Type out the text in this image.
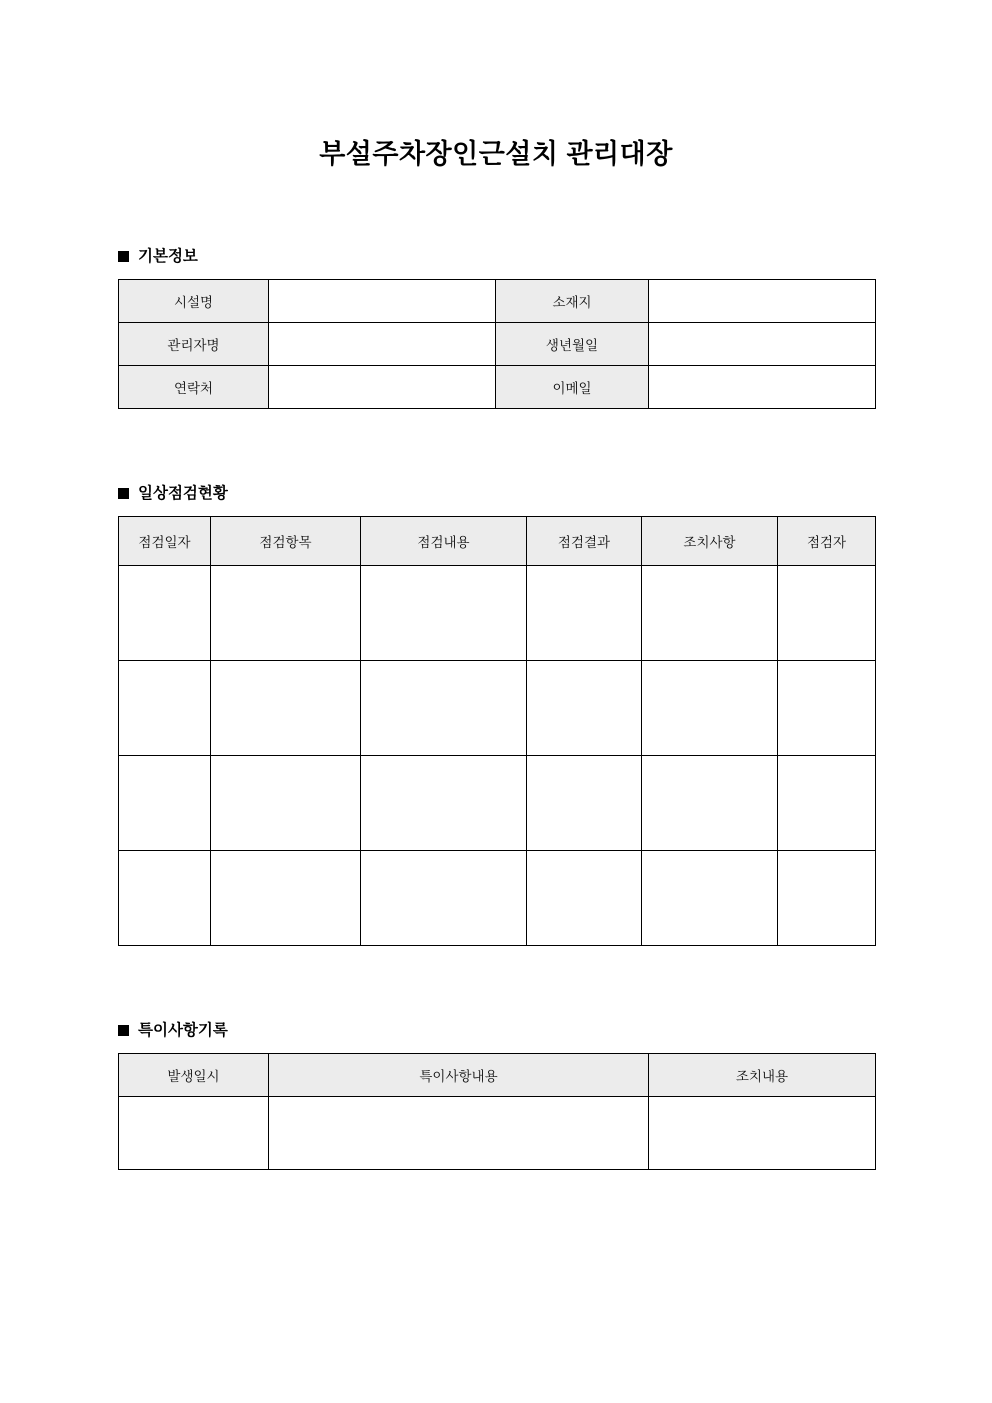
부설주차장인근설치 관리대장
기본정보
시설명		소재지	
관리자명		생년월일	
연락처		이메일	
일상점검현황
점검일자	점검항목	점검내용	점검결과	조치사항	점검자

특이사항기록
발생일시	특이사항내용	조치내용
